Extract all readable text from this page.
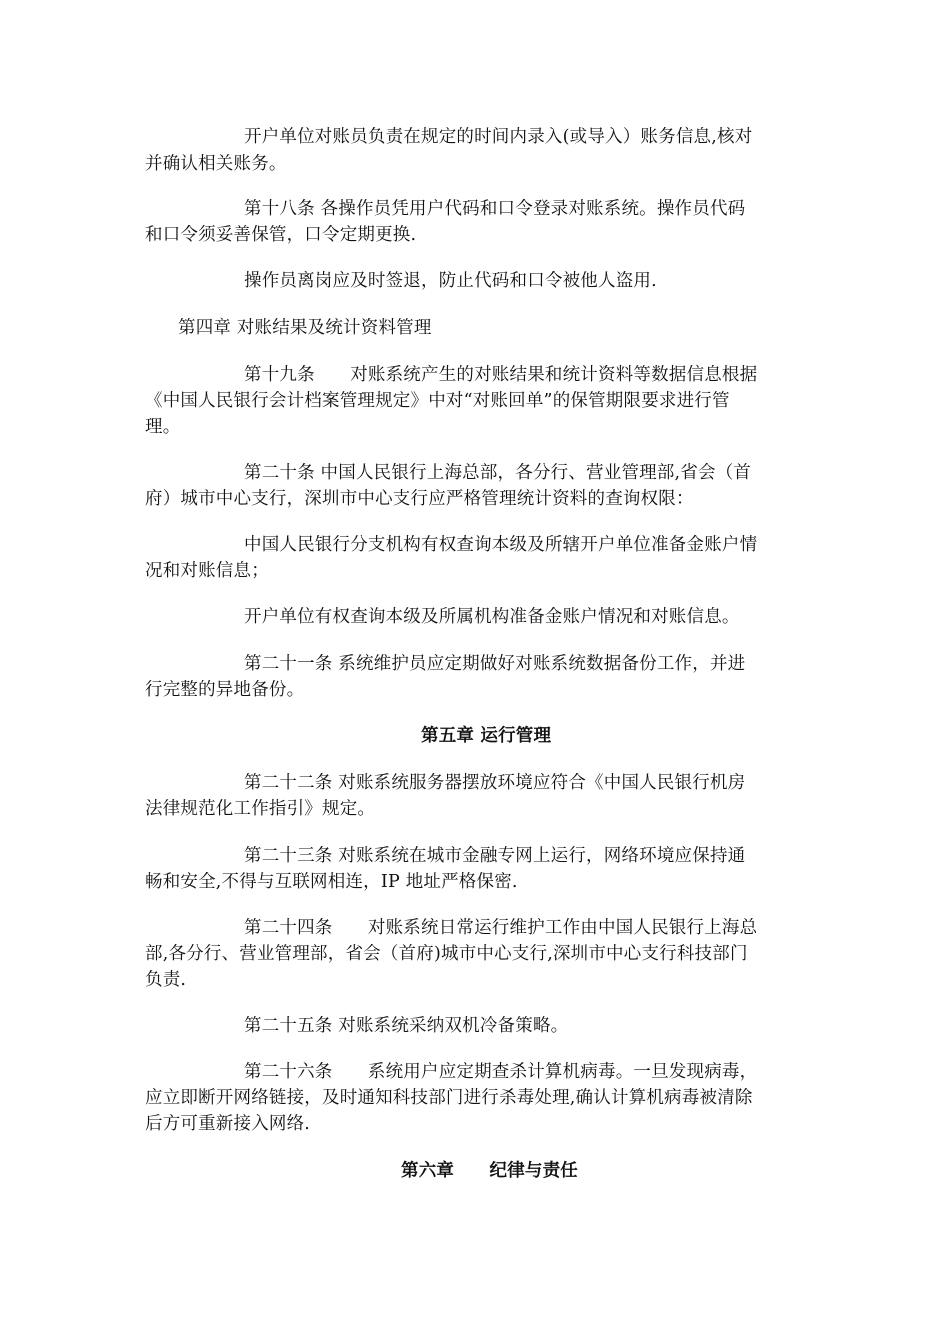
开户单位对账员负责在规定的时间内录入(或导入）账务信息,核对
并确认相关账务。
第十八条 各操作员凭用户代码和口令登录对账系统。操作员代码
和口令须妥善保管，口令定期更换.
操作员离岗应及时签退，防止代码和口令被他人盗用.
第四章 对账结果及统计资料管理
第十九条　　对账系统产生的对账结果和统计资料等数据信息根据
《中国人民银行会计档案管理规定》中对“对账回单”的保管期限要求进行管
理。
第二十条 中国人民银行上海总部，各分行、营业管理部,省会（首
府）城市中心支行，深圳市中心支行应严格管理统计资料的查询权限：
中国人民银行分支机构有权查询本级及所辖开户单位准备金账户情
况和对账信息；
开户单位有权查询本级及所属机构准备金账户情况和对账信息。
第二十一条 系统维护员应定期做好对账系统数据备份工作，并进
行完整的异地备份。
第五章 运行管理
第二十二条 对账系统服务器摆放环境应符合《中国人民银行机房
法律规范化工作指引》规定。
第二十三条 对账系统在城市金融专网上运行，网络环境应保持通
畅和安全,不得与互联网相连，IP 地址严格保密.
第二十四条　　对账系统日常运行维护工作由中国人民银行上海总
部,各分行、营业管理部，省会（首府)城市中心支行,深圳市中心支行科技部门
负责.
第二十五条 对账系统采纳双机冷备策略。
第二十六条　　系统用户应定期查杀计算机病毒。一旦发现病毒，
应立即断开网络链接，及时通知科技部门进行杀毒处理,确认计算机病毒被清除
后方可重新接入网络.
第六章　　纪律与责任
